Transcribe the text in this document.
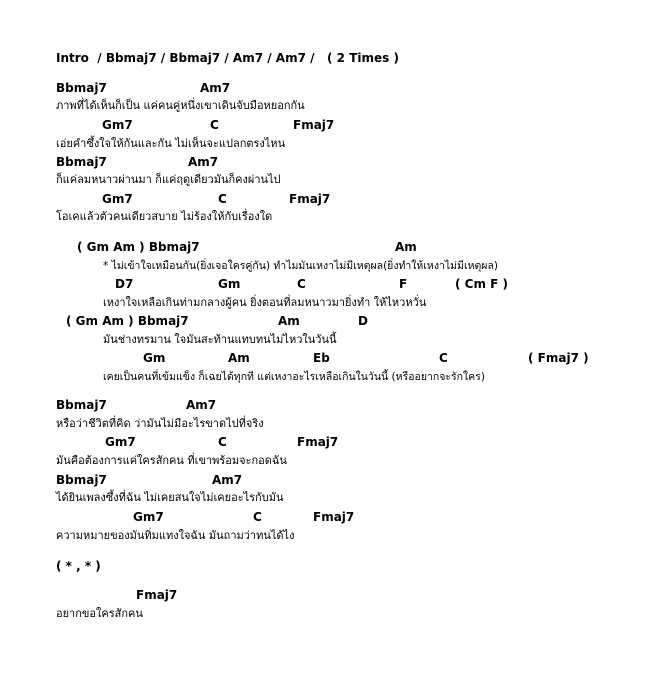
Intro  / Bbmaj7 / Bbmaj7 / Am7 / Am7 /   ( 2 Times )
Bbmaj7	Am7
ภาพที่ได้เห็นก็เป็น แค่คนคู่หนึ่งเขาเดินจับมือหยอกกัน
Gm7	C	Fmaj7
เอ่ยคำซึ้งใจให้กันและกัน ไม่เห็นจะแปลกตรงไหน
Bbmaj7	Am7
ก็แค่ลมหนาวผ่านมา ก็แค่ฤดูเดียวมันก็คงผ่านไป
Gm7	C	Fmaj7
โอเคแล้วตัวคนเดียวสบาย ไม่ร้องให้กับเรื่องใด
( Gm Am ) Bbmaj7	Am
* ไม่เข้าใจเหมือนกัน(ยิ่งเจอใครคู่กัน) ทำไมมันเหงาไม่มีเหตุผล(ยิ่งทำให้เหงาไม่มีเหตุผล)
D7	Gm	C	F	( Cm F )
เหงาใจเหลือเกินท่ามกลางผู้คน ยิ่งตอนที่ลมหนาวมายิ่งทำ ให้ไหวหวั่น
( Gm Am ) Bbmaj7	Am	D
มันช่างทรมาน ใจมันสะท้านแทบทนไม่ไหวในวันนี้
Gm	Am	Eb	C	( Fmaj7 )
เคยเป็นคนที่เข้มแข็ง ก็เฉยได้ทุกที แต่เหงาอะไรเหลือเกินในวันนี้ (หรืออยากจะรักใคร)
Bbmaj7	Am7
หรือว่าชีวิตที่คิด ว่ามันไม่มีอะไรขาดไปที่จริง
Gm7	C	Fmaj7
มันคือต้องการแค่ใครสักคน ที่เขาพร้อมจะกอดฉัน
Bbmaj7	Am7
ได้ยินเพลงซึ้งที่ฉัน ไม่เคยสนใจไม่เคยอะไรกับมัน
Gm7	C	Fmaj7
ความหมายของมันทิ่มแทงใจฉัน มันถามว่าทนได้ไง
( * , * )
Fmaj7
อยากขอใครสักคน
